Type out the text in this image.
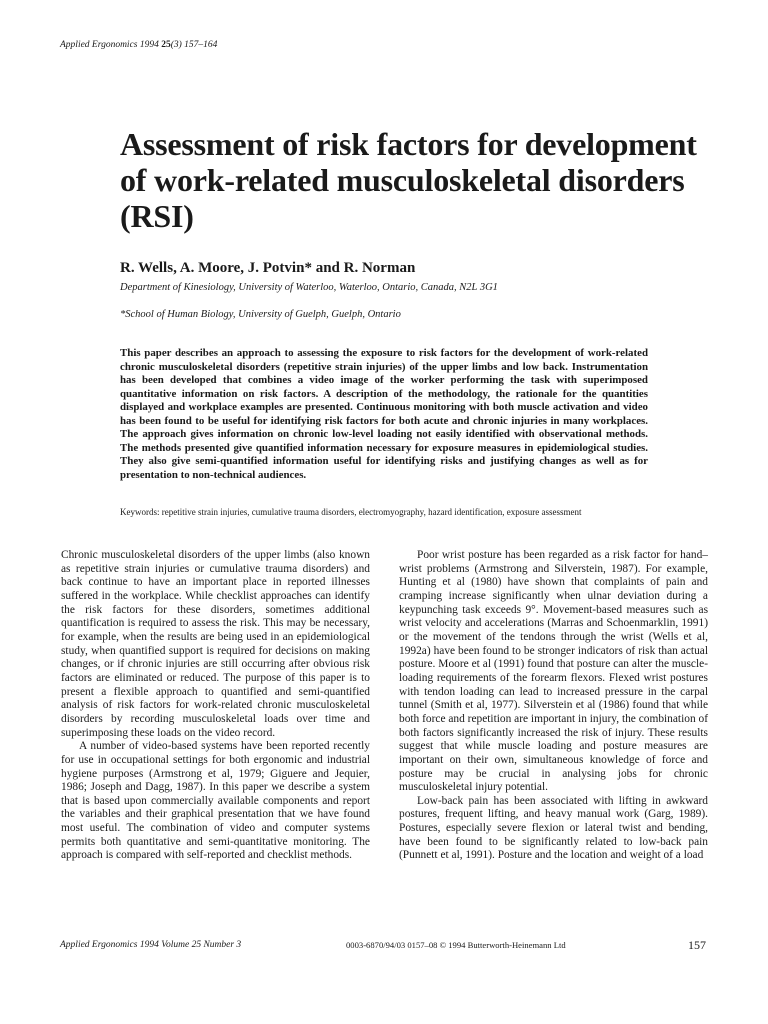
Applied Ergonomics 1994 25(3) 157–164
Assessment of risk factors for development of work-related musculoskeletal disorders (RSI)
R. Wells, A. Moore, J. Potvin* and R. Norman
Department of Kinesiology, University of Waterloo, Waterloo, Ontario, Canada, N2L 3G1
*School of Human Biology, University of Guelph, Guelph, Ontario

This paper describes an approach to assessing the exposure to risk factors for the development of work-related chronic musculoskeletal disorders (repetitive strain injuries) of the upper limbs and low back. Instrumentation has been developed that combines a video image of the worker performing the task with superimposed quantitative information on risk factors. A description of the methodology, the rationale for the quantities displayed and workplace examples are presented. Continuous monitoring with both muscle activation and video has been found to be useful for identifying risk factors for both acute and chronic injuries in many workplaces. The approach gives information on chronic low-level loading not easily identified with observational methods. The methods presented give quantified information necessary for exposure measures in epidemiological studies. They also give semi-quantified information useful for identifying risks and justifying changes as well as for presentation to non-technical audiences.

Keywords: repetitive strain injuries, cumulative trauma disorders, electromyography, hazard identification, exposure assessment

Chronic musculoskeletal disorders of the upper limbs (also known as repetitive strain injuries or cumulative trauma disorders) and back continue to have an important place in reported illnesses suffered in the workplace. While checklist approaches can identify the risk factors for these disorders, sometimes additional quantification is required to assess the risk. This may be necessary, for example, when the results are being used in an epidemiological study, when quantified support is required for decisions on making changes, or if chronic injuries are still occurring after obvious risk factors are eliminated or reduced. The purpose of this paper is to present a flexible approach to quantified and semi-quantified analysis of risk factors for work-related chronic musculoskeletal disorders by recording musculoskeletal loads over time and superimposing these loads on the video record.

A number of video-based systems have been reported recently for use in occupational settings for both ergonomic and industrial hygiene purposes (Armstrong et al, 1979; Giguere and Jequier, 1986; Joseph and Dagg, 1987). In this paper we describe a system that is based upon commercially available components and report the variables and their graphical presentation that we have found most useful. The combination of video and computer systems permits both quantitative and semi-quantitative monitoring. The approach is compared with self-reported and checklist methods.

Poor wrist posture has been regarded as a risk factor for hand–wrist problems (Armstrong and Silverstein, 1987). For example, Hunting et al (1980) have shown that complaints of pain and cramping increase significantly when ulnar deviation during a keypunching task exceeds 9°. Movement-based measures such as wrist velocity and accelerations (Marras and Schoenmarklin, 1991) or the movement of the tendons through the wrist (Wells et al, 1992a) have been found to be stronger indicators of risk than actual posture. Moore et al (1991) found that posture can alter the muscle-loading requirements of the forearm flexors. Flexed wrist postures with tendon loading can lead to increased pressure in the carpal tunnel (Smith et al, 1977). Silverstein et al (1986) found that while both force and repetition are important in injury, the combination of both factors significantly increased the risk of injury. These results suggest that while muscle loading and posture measures are important on their own, simultaneous knowledge of force and posture may be crucial in analysing jobs for chronic musculoskeletal injury potential.

Low-back pain has been associated with lifting in awkward postures, frequent lifting, and heavy manual work (Garg, 1989). Postures, especially severe flexion or lateral twist and bending, have been found to be significantly related to low-back pain (Punnett et al, 1991). Posture and the location and weight of a load

Applied Ergonomics 1994 Volume 25 Number 3	0003-6870/94/03 0157–08 © 1994 Butterworth-Heinemann Ltd	157
